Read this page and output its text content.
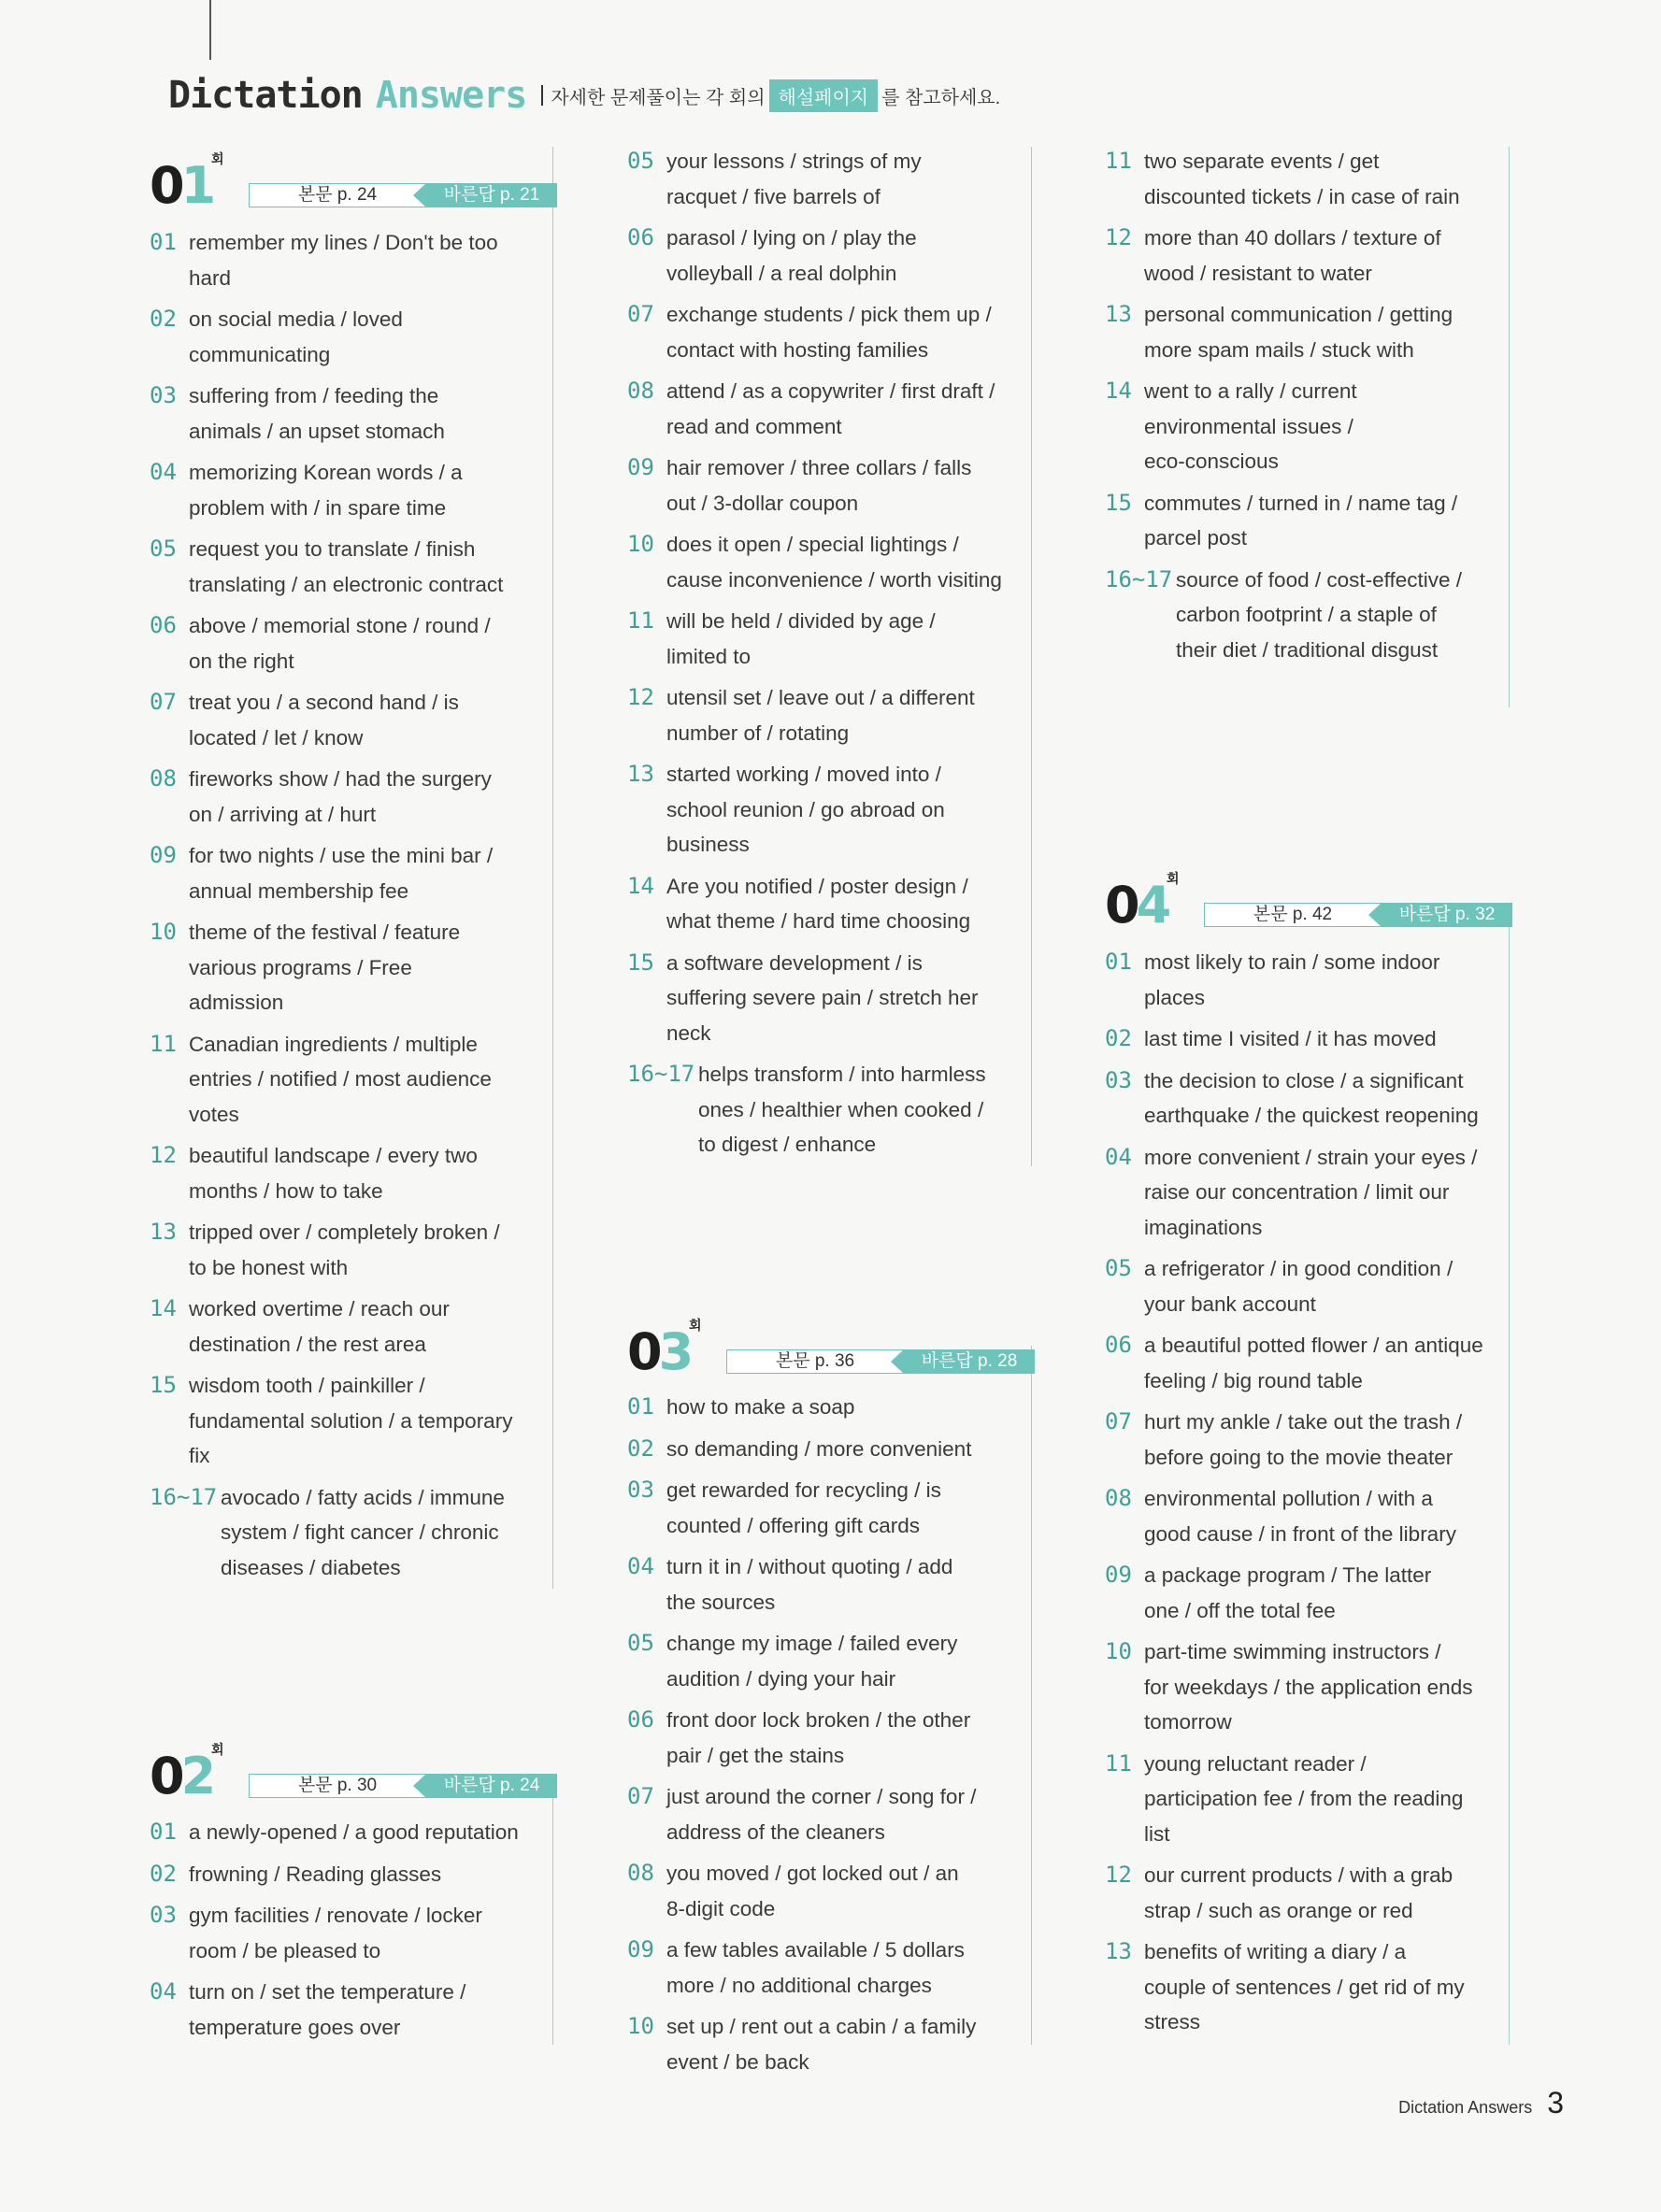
Dictation Answers 자세한 문제풀이는 각 회의 해설페이지 를 참고하세요.
01
회
본문 p. 24	바른답 p. 21
01 remember my lines / Don't be too
hard
02 on social media / loved
communicating
03 suffering from / feeding the
animals / an upset stomach
04 memorizing Korean words / a
problem with / in spare time
05 request you to translate / finish
translating / an electronic contract
06 above / memorial stone / round /
on the right
07 treat you / a second hand / is
located / let / know
08 fireworks show / had the surgery
on / arriving at / hurt
09 for two nights / use the mini bar /
annual membership fee
10 theme of the festival / feature
various programs / Free
admission
11 Canadian ingredients / multiple
entries / notified / most audience
votes
12 beautiful landscape / every two
months / how to take
13 tripped over / completely broken /
to be honest with
14 worked overtime / reach our
destination / the rest area
15 wisdom tooth / painkiller /
fundamental solution / a temporary
fix
16~17 avocado / fatty acids / immune
system / fight cancer / chronic
diseases / diabetes
02
회
본문 p. 30	바른답 p. 24
01 a newly-opened / a good reputation
02 frowning / Reading glasses
03 gym facilities / renovate / locker
room / be pleased to
04 turn on / set the temperature /
temperature goes over
05 your lessons / strings of my
racquet / five barrels of
06 parasol / lying on / play the
volleyball / a real dolphin
07 exchange students / pick them up /
contact with hosting families
08 attend / as a copywriter / first draft /
read and comment
09 hair remover / three collars / falls
out / 3-dollar coupon
10 does it open / special lightings /
cause inconvenience / worth visiting
11 will be held / divided by age /
limited to
12 utensil set / leave out / a different
number of / rotating
13 started working / moved into /
school reunion / go abroad on
business
14 Are you notified / poster design /
what theme / hard time choosing
15 a software development / is
suffering severe pain / stretch her
neck
16~17 helps transform / into harmless
ones / healthier when cooked /
to digest / enhance
03
회
본문 p. 36	바른답 p. 28
01 how to make a soap
02 so demanding / more convenient
03 get rewarded for recycling / is
counted / offering gift cards
04 turn it in / without quoting / add
the sources
05 change my image / failed every
audition / dying your hair
06 front door lock broken / the other
pair / get the stains
07 just around the corner / song for /
address of the cleaners
08 you moved / got locked out / an
8-digit code
09 a few tables available / 5 dollars
more / no additional charges
10 set up / rent out a cabin / a family
event / be back
11 two separate events / get
discounted tickets / in case of rain
12 more than 40 dollars / texture of
wood / resistant to water
13 personal communication / getting
more spam mails / stuck with
14 went to a rally / current
environmental issues /
eco-conscious
15 commutes / turned in / name tag /
parcel post
16~17 source of food / cost-effective /
carbon footprint / a staple of
their diet / traditional disgust
04
회
본문 p. 42	바른답 p. 32
01 most likely to rain / some indoor
places
02 last time I visited / it has moved
03 the decision to close / a significant
earthquake / the quickest reopening
04 more convenient / strain your eyes /
raise our concentration / limit our
imaginations
05 a refrigerator / in good condition /
your bank account
06 a beautiful potted flower / an antique
feeling / big round table
07 hurt my ankle / take out the trash /
before going to the movie theater
08 environmental pollution / with a
good cause / in front of the library
09 a package program / The latter
one / off the total fee
10 part-time swimming instructors /
for weekdays / the application ends
tomorrow
11 young reluctant reader /
participation fee / from the reading
list
12 our current products / with a grab
strap / such as orange or red
13 benefits of writing a diary / a
couple of sentences / get rid of my
stress
Dictation Answers 3
